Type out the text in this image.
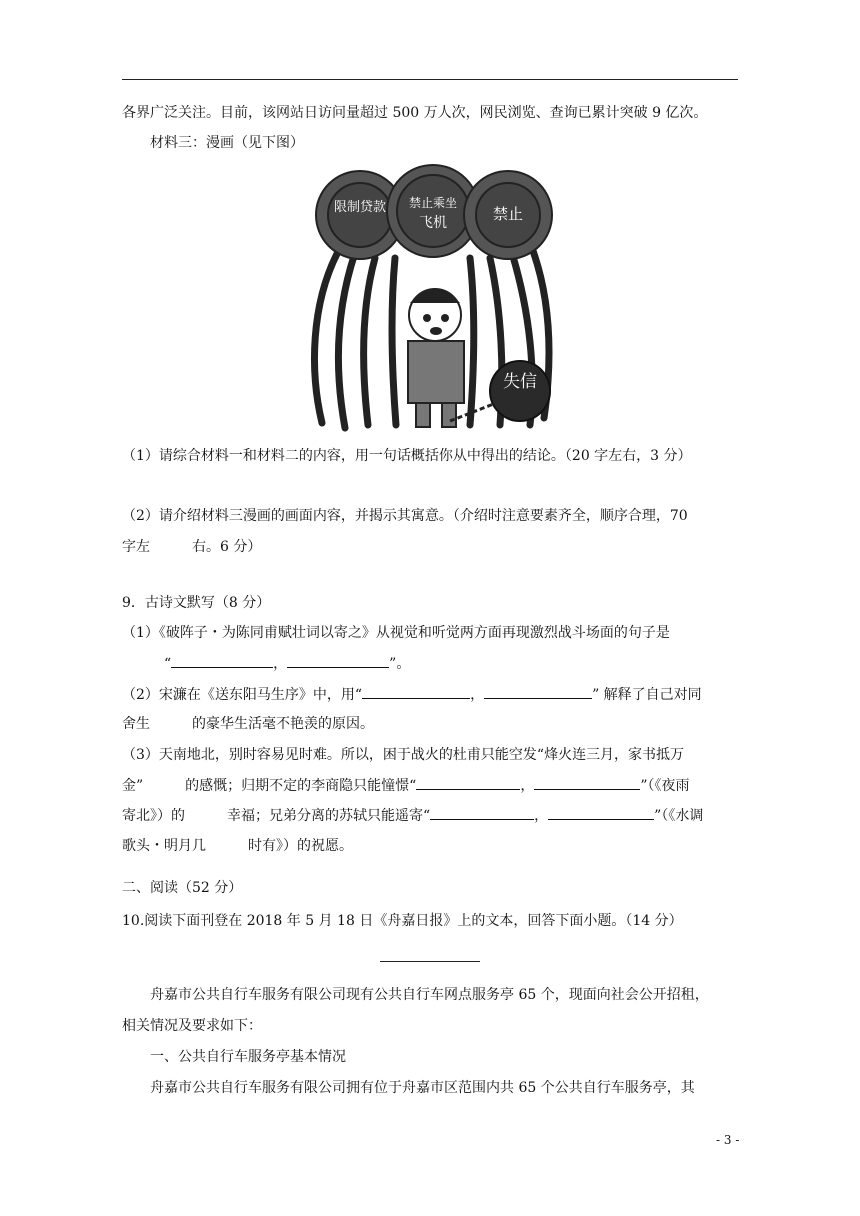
各界广泛关注。目前，该网站日访问量超过 500 万人次，网民浏览、查询已累计突破 9 亿次。
材料三：漫画（见下图）
限制贷款 禁止乘坐
飞机	禁止
失信
（1）请综合材料一和材料二的内容，用一句话概括你从中得出的结论。（20 字左右，3 分）
（2）请介绍材料三漫画的画面内容，并揭示其寓意。（介绍时注意要素齐全，顺序合理，70
字左　　　右。6 分）
9．古诗文默写（8 分）
（1）《破阵子・为陈同甫赋壮词以寄之》从视觉和听觉两方面再现激烈战斗场面的句子是
“	，	”。
（2）宋濂在《送东阳马生序》中，用“	，	” 解释了自己对同
舍生　　　的豪华生活毫不艳羡的原因。
（3）天南地北，别时容易见时难。所以，困于战火的杜甫只能空发“烽火连三月，家书抵万
金”　　　的感慨；归期不定的李商隐只能憧憬“	，	”（《夜雨
寄北》）的　　　幸福；兄弟分离的苏轼只能遥寄“	，	”（《水调
歌头・明月几　　　时有》）的祝愿。
二、阅读（52 分）
10.阅读下面刊登在 2018 年 5 月 18 日《舟嘉日报》上的文本，回答下面小题。（14 分）
舟嘉市公共自行车服务有限公司现有公共自行车网点服务亭 65 个，现面向社会公开招租，
相关情况及要求如下：
一、公共自行车服务亭基本情况
舟嘉市公共自行车服务有限公司拥有位于舟嘉市区范围内共 65 个公共自行车服务亭，其
- 3 -
